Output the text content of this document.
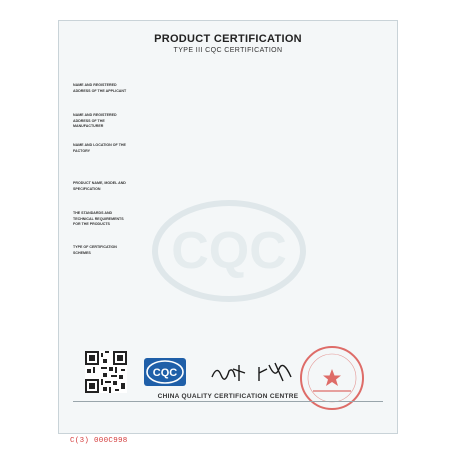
CQC
PRODUCT CERTIFICATION
TYPE III CQC CERTIFICATION
NAME AND REGISTERED ADDRESS OF THE APPLICANT
NAME AND REGISTERED ADDRESS OF THE MANUFACTURER
NAME AND LOCATION OF THE FACTORY
PRODUCT NAME, MODEL AND SPECIFICATION
THE STANDARDS AND TECHNICAL REQUIREMENTS FOR THE PRODUCTS
TYPE OF CERTIFICATION SCHEMES
CQC
CHINA QUALITY CERTIFICATION CENTRE
C(3) 000C998
